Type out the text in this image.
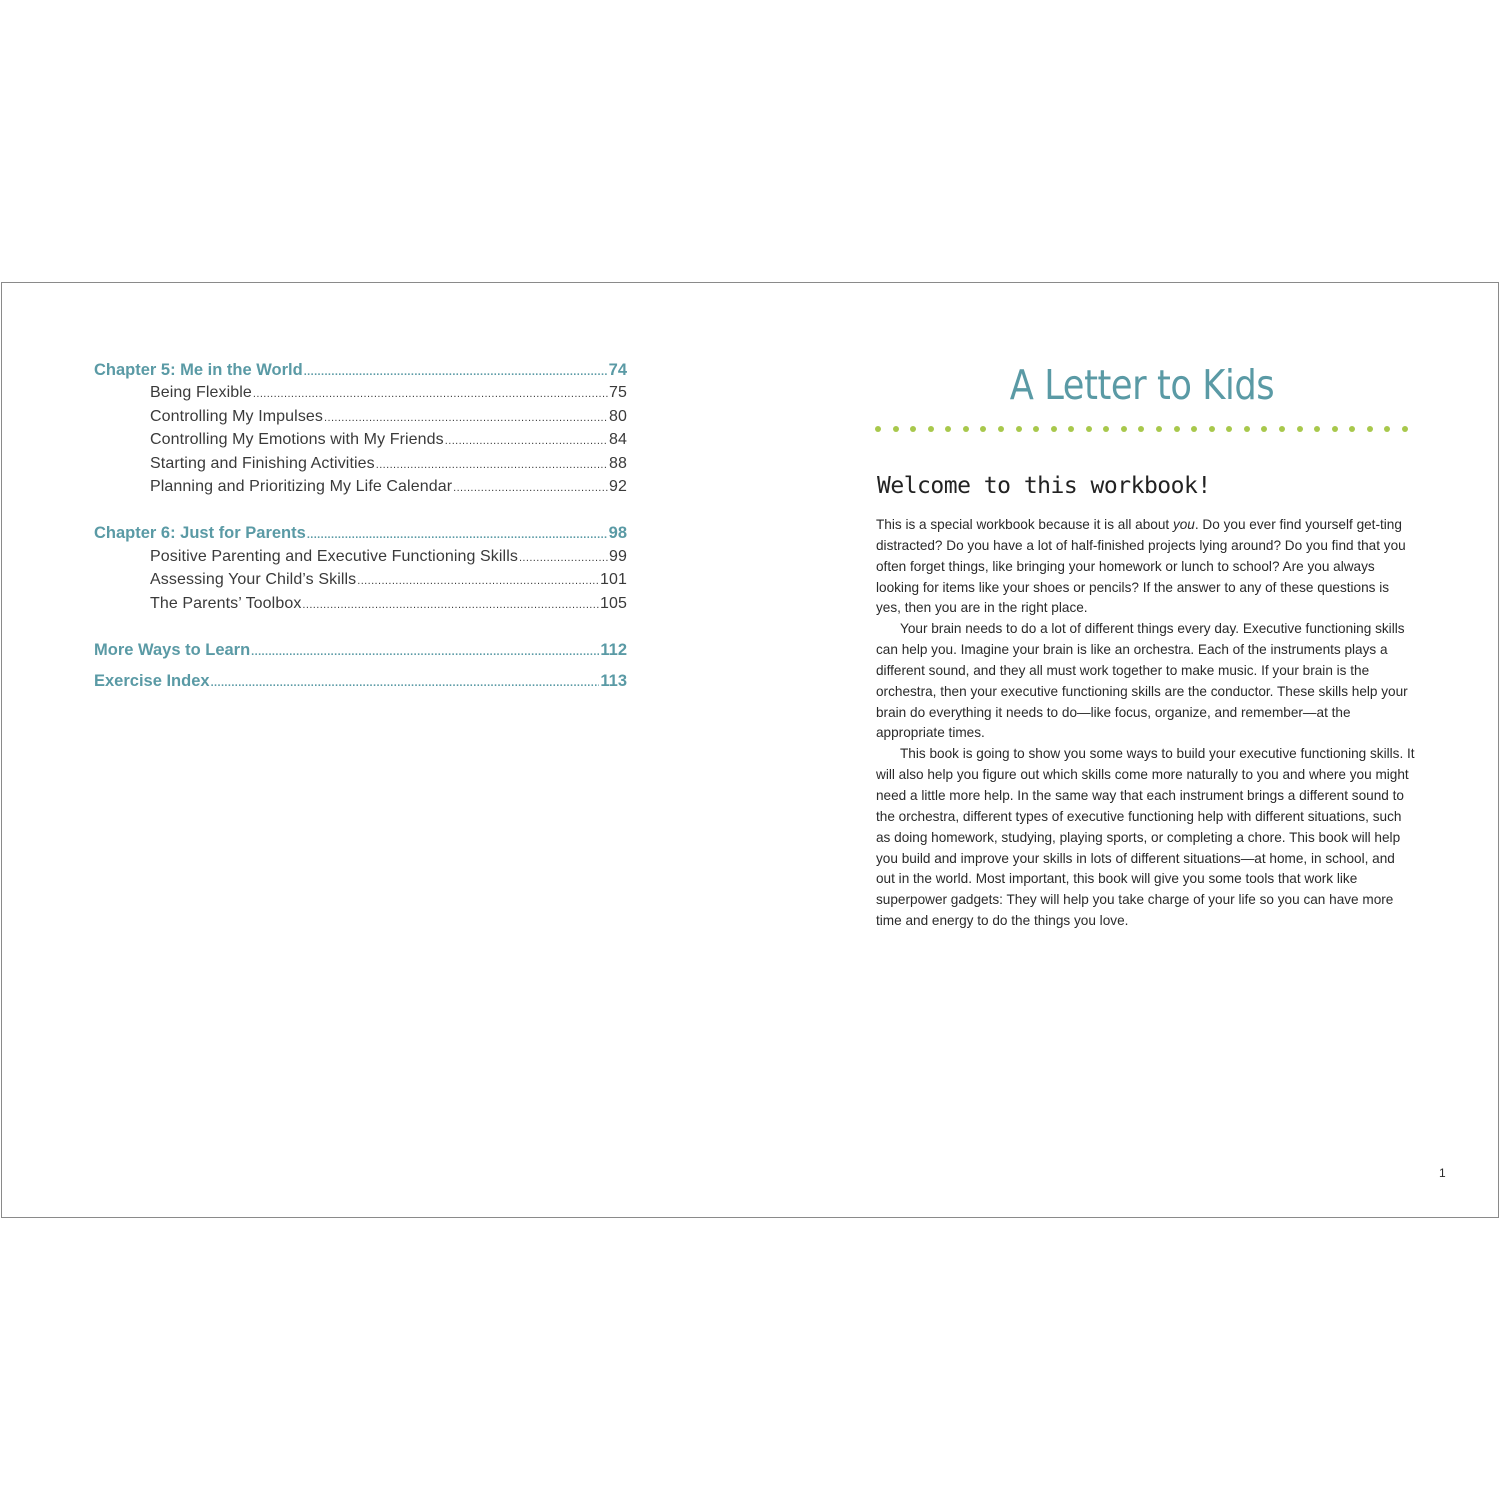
Chapter 5: Me in the World .....	74
Being Flexible .....	75
Controlling My Impulses .....	80
Controlling My Emotions with My Friends .....	84
Starting and Finishing Activities .....	88
Planning and Prioritizing My Life Calendar .....	92
Chapter 6: Just for Parents .....	98
Positive Parenting and Executive Functioning Skills .....	99
Assessing Your Child’s Skills .....	101
The Parents’ Toolbox .....	105
More Ways to Learn .....	112
Exercise Index .....	113
A Letter to Kids
Welcome to this workbook!

This is a special workbook because it is all about you. Do you ever find yourself get-ting distracted? Do you have a lot of half-finished projects lying around? Do you find that you often forget things, like bringing your homework or lunch to school? Are you always looking for items like your shoes or pencils? If the answer to any of these questions is yes, then you are in the right place.

Your brain needs to do a lot of different things every day. Executive functioning skills can help you. Imagine your brain is like an orchestra. Each of the instruments plays a different sound, and they all must work together to make music. If your brain is the orchestra, then your executive functioning skills are the conductor. These skills help your brain do everything it needs to do—like focus, organize, and remember—at the appropriate times.

This book is going to show you some ways to build your executive functioning skills. It will also help you figure out which skills come more naturally to you and where you might need a little more help. In the same way that each instrument brings a different sound to the orchestra, different types of executive functioning help with different situations, such as doing homework, studying, playing sports, or completing a chore. This book will help you build and improve your skills in lots of different situations—at home, in school, and out in the world. Most important, this book will give you some tools that work like superpower gadgets: They will help you take charge of your life so you can have more time and energy to do the things you love.

1
